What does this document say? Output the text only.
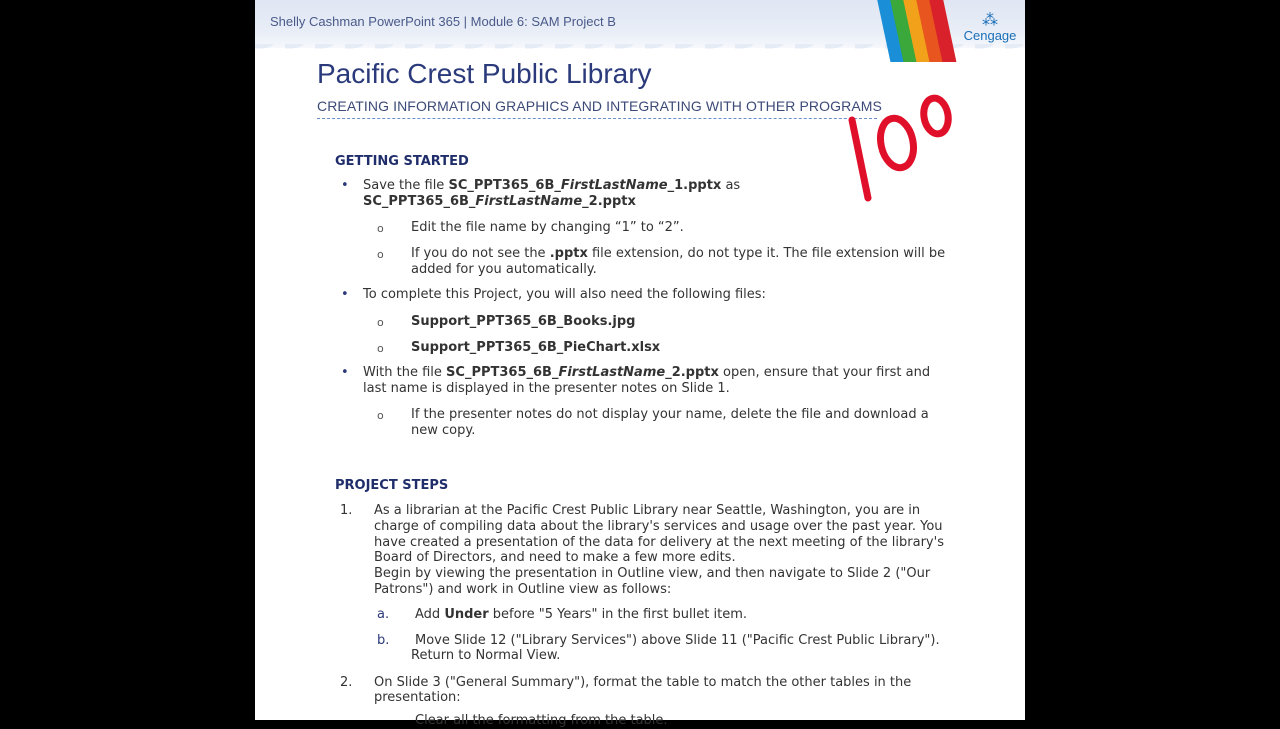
Shelly Cashman PowerPoint 365 | Module 6: SAM Project B	⁂
Cengage
Pacific Crest Public Library
CREATING INFORMATION GRAPHICS AND INTEGRATING WITH OTHER PROGRAMS
GETTING STARTED
• Save the file SC_PPT365_6B_FirstLastName_1.pptx as
SC_PPT365_6B_FirstLastName_2.pptx
o Edit the file name by changing “1” to “2”.
o If you do not see the .pptx file extension, do not type it. The file extension will be
added for you automatically.
• To complete this Project, you will also need the following files:
o Support_PPT365_6B_Books.jpg
o Support_PPT365_6B_PieChart.xlsx
• With the file SC_PPT365_6B_FirstLastName_2.pptx open, ensure that your first and
last name is displayed in the presenter notes on Slide 1.
o If the presenter notes do not display your name, delete the file and download a
new copy.
PROJECT STEPS
1. As a librarian at the Pacific Crest Public Library near Seattle, Washington, you are in
charge of compiling data about the library's services and usage over the past year. You
have created a presentation of the data for delivery at the next meeting of the library's
Board of Directors, and need to make a few more edits.
Begin by viewing the presentation in Outline view, and then navigate to Slide 2 ("Our
Patrons") and work in Outline view as follows:
a. Add Under before "5 Years" in the first bullet item.
b. Move Slide 12 ("Library Services") above Slide 11 ("Pacific Crest Public Library").
Return to Normal View.
2. On Slide 3 ("General Summary"), format the table to match the other tables in the
presentation:
Clear all the formatting from the table.
